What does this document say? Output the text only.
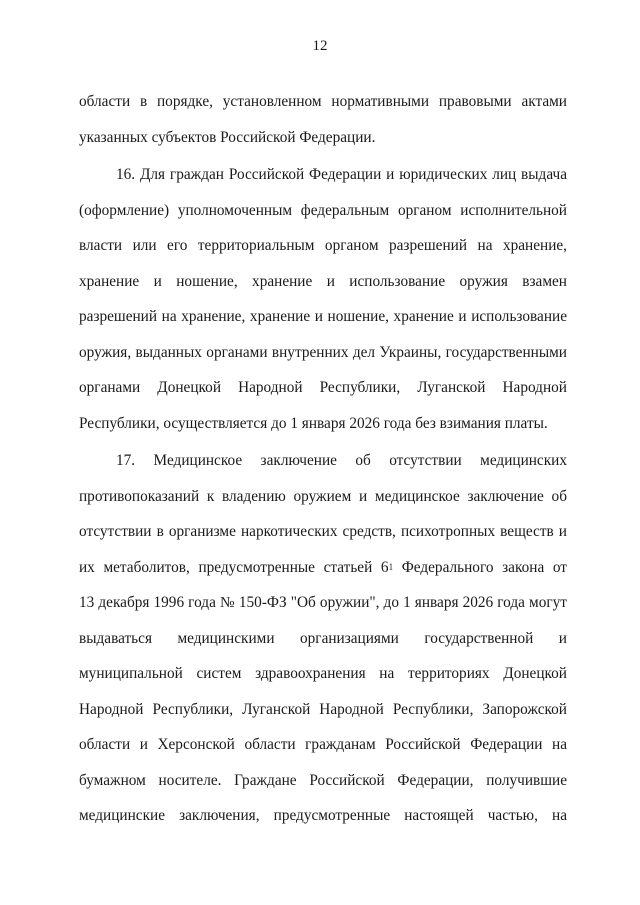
12
области в порядке, установленном нормативными правовыми актами
указанных субъектов Российской Федерации.
16. Для граждан Российской Федерации и юридических лиц выдача
(оформление) уполномоченным федеральным органом исполнительной
власти или его территориальным органом разрешений на хранение,
хранение и ношение, хранение и использование оружия взамен
разрешений на хранение, хранение и ношение, хранение и использование
оружия, выданных органами внутренних дел Украины, государственными
органами Донецкой Народной Республики, Луганской Народной
Республики, осуществляется до 1 января 2026 года без взимания платы.
17. Медицинское заключение об отсутствии медицинских
противопоказаний к владению оружием и медицинское заключение об
отсутствии в организме наркотических средств, психотропных веществ и
их метаболитов, предусмотренные статьей $6^1$ Федерального закона от
13 декабря 1996 года № 150-ФЗ "Об оружии", до 1 января 2026 года могут
выдаваться медицинскими организациями государственной и
муниципальной систем здравоохранения на территориях Донецкой
Народной Республики, Луганской Народной Республики, Запорожской
области и Херсонской области гражданам Российской Федерации на
бумажном носителе. Граждане Российской Федерации, получившие
медицинские заключения, предусмотренные настоящей частью, на
